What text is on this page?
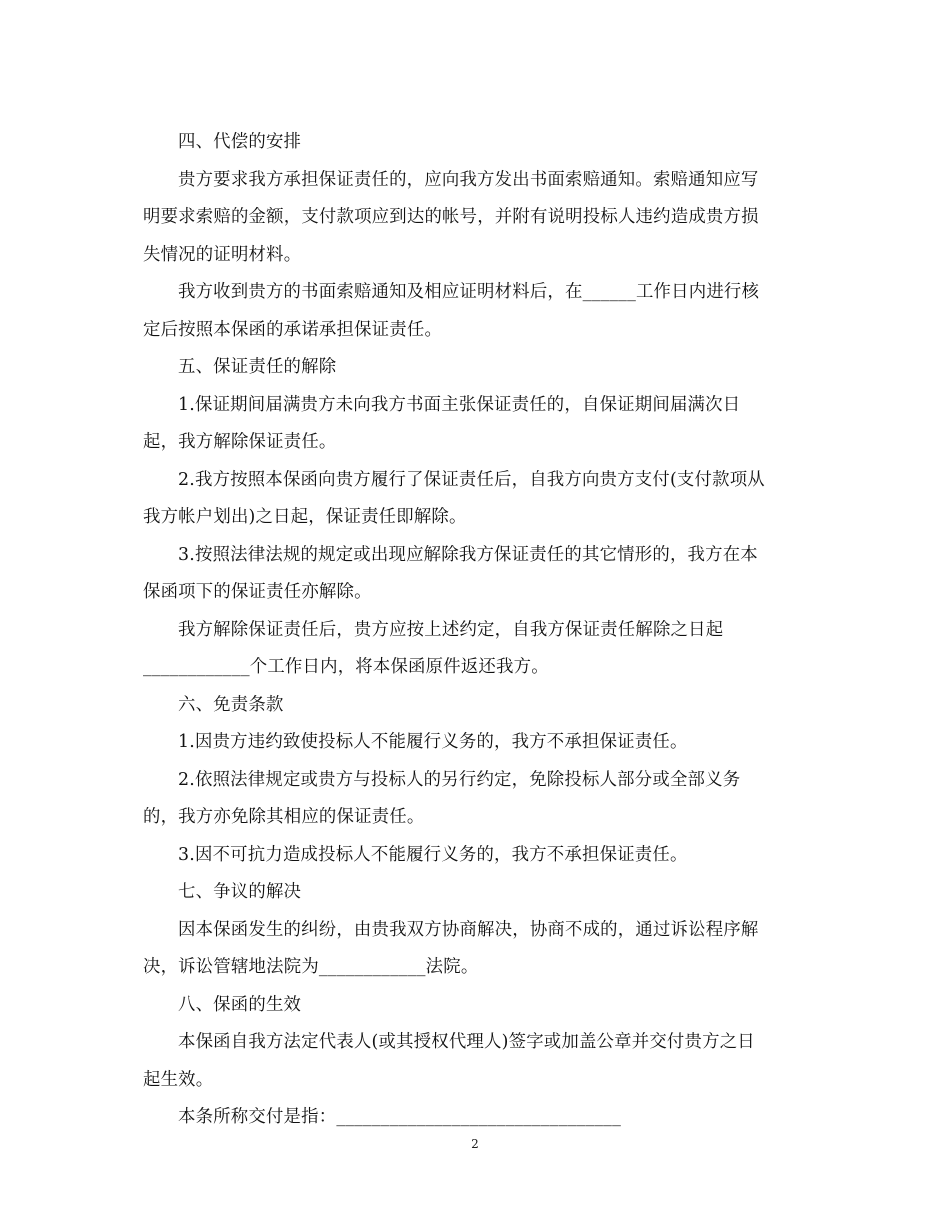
四、代偿的安排
贵方要求我方承担保证责任的，应向我方发出书面索赔通知。索赔通知应写
明要求索赔的金额，支付款项应到达的帐号，并附有说明投标人违约造成贵方损
失情况的证明材料。
我方收到贵方的书面索赔通知及相应证明材料后，在______工作日内进行核
定后按照本保函的承诺承担保证责任。
五、保证责任的解除
1.保证期间届满贵方未向我方书面主张保证责任的，自保证期间届满次日
起，我方解除保证责任。
2.我方按照本保函向贵方履行了保证责任后，自我方向贵方支付(支付款项从
我方帐户划出)之日起，保证责任即解除。
3.按照法律法规的规定或出现应解除我方保证责任的其它情形的，我方在本
保函项下的保证责任亦解除。
我方解除保证责任后，贵方应按上述约定，自我方保证责任解除之日起
____________个工作日内，将本保函原件返还我方。
六、免责条款
1.因贵方违约致使投标人不能履行义务的，我方不承担保证责任。
2.依照法律规定或贵方与投标人的另行约定，免除投标人部分或全部义务
的，我方亦免除其相应的保证责任。
3.因不可抗力造成投标人不能履行义务的，我方不承担保证责任。
七、争议的解决
因本保函发生的纠纷，由贵我双方协商解决，协商不成的，通过诉讼程序解
决，诉讼管辖地法院为____________法院。
八、保函的生效
本保函自我方法定代表人(或其授权代理人)签字或加盖公章并交付贵方之日
起生效。
本条所称交付是指：________________________________
2
